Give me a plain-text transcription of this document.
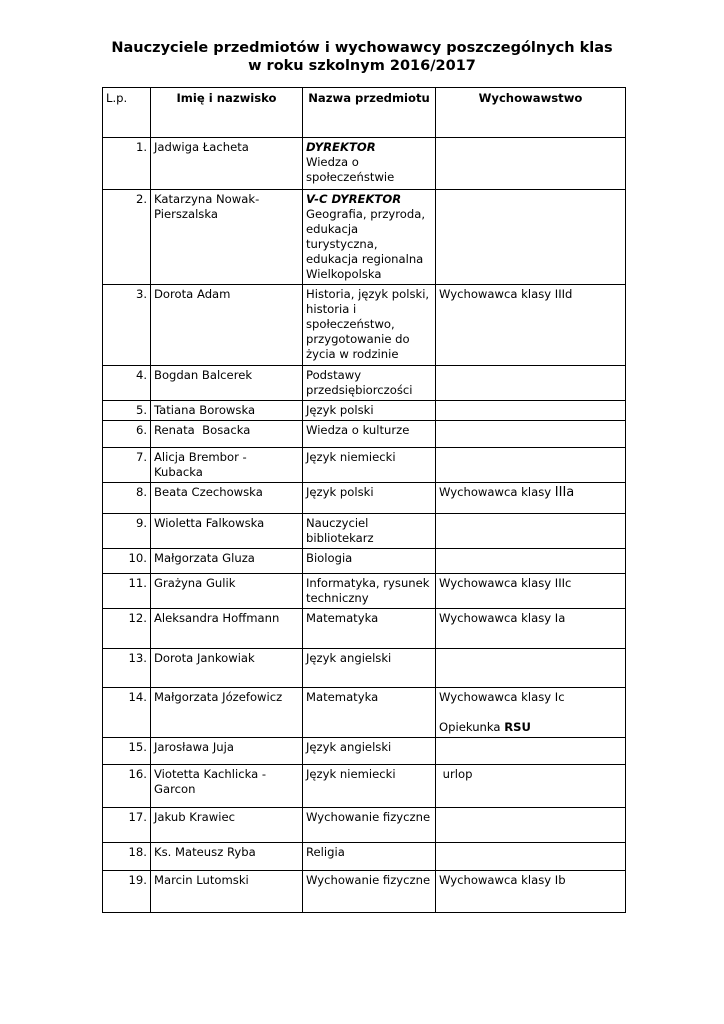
Nauczyciele przedmiotów i wychowawcy poszczególnych klas
w roku szkolnym 2016/2017
L.p.	Imię i nazwisko	Nazwa przedmiotu	Wychowawstwo
1.	Jadwiga Łacheta	DYREKTOR
Wiedza o społeczeństwie	
2.	Katarzyna Nowak-Pierszalska	V-C DYREKTOR
Geografia, przyroda, edukacja turystyczna, edukacja regionalna Wielkopolska	
3.	Dorota Adam	Historia, język polski, historia i społeczeństwo, przygotowanie do życia w rodzinie	Wychowawca klasy IIId
4.	Bogdan Balcerek	Podstawy przedsiębiorczości	
5.	Tatiana Borowska	Język polski	
6.	Renata  Bosacka	Wiedza o kulturze	
7.	Alicja Brembor - Kubacka	Język niemiecki	
8.	Beata Czechowska	Język polski	Wychowawca klasy IIIa
9.	Wioletta Falkowska	Nauczyciel bibliotekarz	
10.	Małgorzata Gluza	Biologia	
11.	Grażyna Gulik	Informatyka, rysunek techniczny	Wychowawca klasy IIIc
12.	Aleksandra Hoffmann	Matematyka	Wychowawca klasy Ia
13.	Dorota Jankowiak	Język angielski	
14.	Małgorzata Józefowicz	Matematyka	Wychowawca klasy Ic
Opiekunka RSU

15.	Jarosława Juja	Język angielski	
16.	Viotetta Kachlicka - Garcon	Język niemiecki	urlop
17.	Jakub Krawiec	Wychowanie fizyczne	
18.	Ks. Mateusz Ryba	Religia	
19.	Marcin Lutomski	Wychowanie fizyczne	Wychowawca klasy Ib
